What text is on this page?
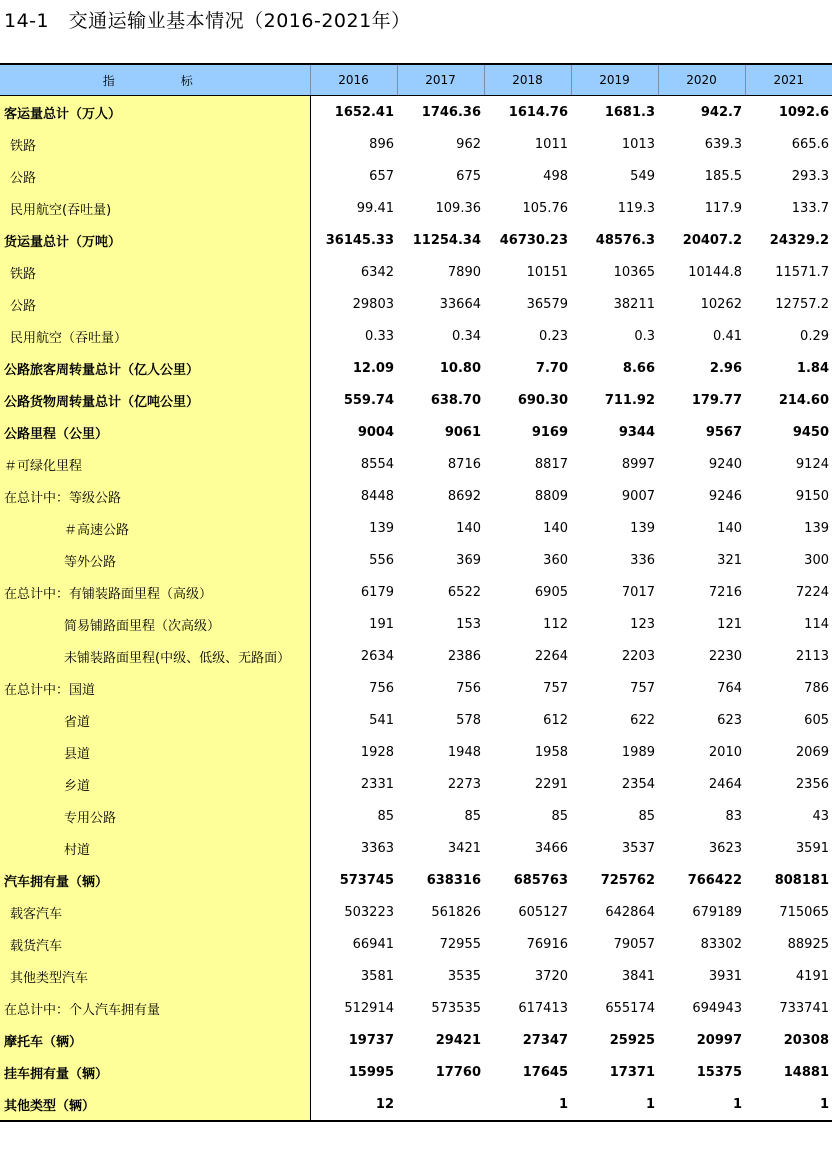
14-1　交通运输业基本情况（2016-2021年）
指　　标	2016	2017	2018	2019	2020	2021
客运量总计（万人）	1652.41	1746.36	1614.76	1681.3	942.7	1092.6
铁路	896	962	1011	1013	639.3	665.6
公路	657	675	498	549	185.5	293.3
民用航空(吞吐量)	99.41	109.36	105.76	119.3	117.9	133.7
货运量总计（万吨）	36145.33	11254.34	46730.23	48576.3	20407.2	24329.2
铁路	6342	7890	10151	10365	10144.8	11571.7
公路	29803	33664	36579	38211	10262	12757.2
民用航空（吞吐量）	0.33	0.34	0.23	0.3	0.41	0.29
公路旅客周转量总计（亿人公里）	12.09	10.80	7.70	8.66	2.96	1.84
公路货物周转量总计（亿吨公里）	559.74	638.70	690.30	711.92	179.77	214.60
公路里程（公里）	9004	9061	9169	9344	9567	9450
＃可绿化里程	8554	8716	8817	8997	9240	9124
在总计中：等级公路	8448	8692	8809	9007	9246	9150
＃高速公路	139	140	140	139	140	139
等外公路	556	369	360	336	321	300
在总计中：有铺装路面里程（高级）	6179	6522	6905	7017	7216	7224
简易铺路面里程（次高级）	191	153	112	123	121	114
未铺装路面里程(中级、低级、无路面）	2634	2386	2264	2203	2230	2113
在总计中：国道	756	756	757	757	764	786
省道	541	578	612	622	623	605
县道	1928	1948	1958	1989	2010	2069
乡道	2331	2273	2291	2354	2464	2356
专用公路	85	85	85	85	83	43
村道	3363	3421	3466	3537	3623	3591
汽车拥有量（辆）	573745	638316	685763	725762	766422	808181
载客汽车	503223	561826	605127	642864	679189	715065
载货汽车	66941	72955	76916	79057	83302	88925
其他类型汽车	3581	3535	3720	3841	3931	4191
在总计中：个人汽车拥有量	512914	573535	617413	655174	694943	733741
摩托车（辆）	19737	29421	27347	25925	20997	20308
挂车拥有量（辆）	15995	17760	17645	17371	15375	14881
其他类型（辆）	12		1	1	1	1
